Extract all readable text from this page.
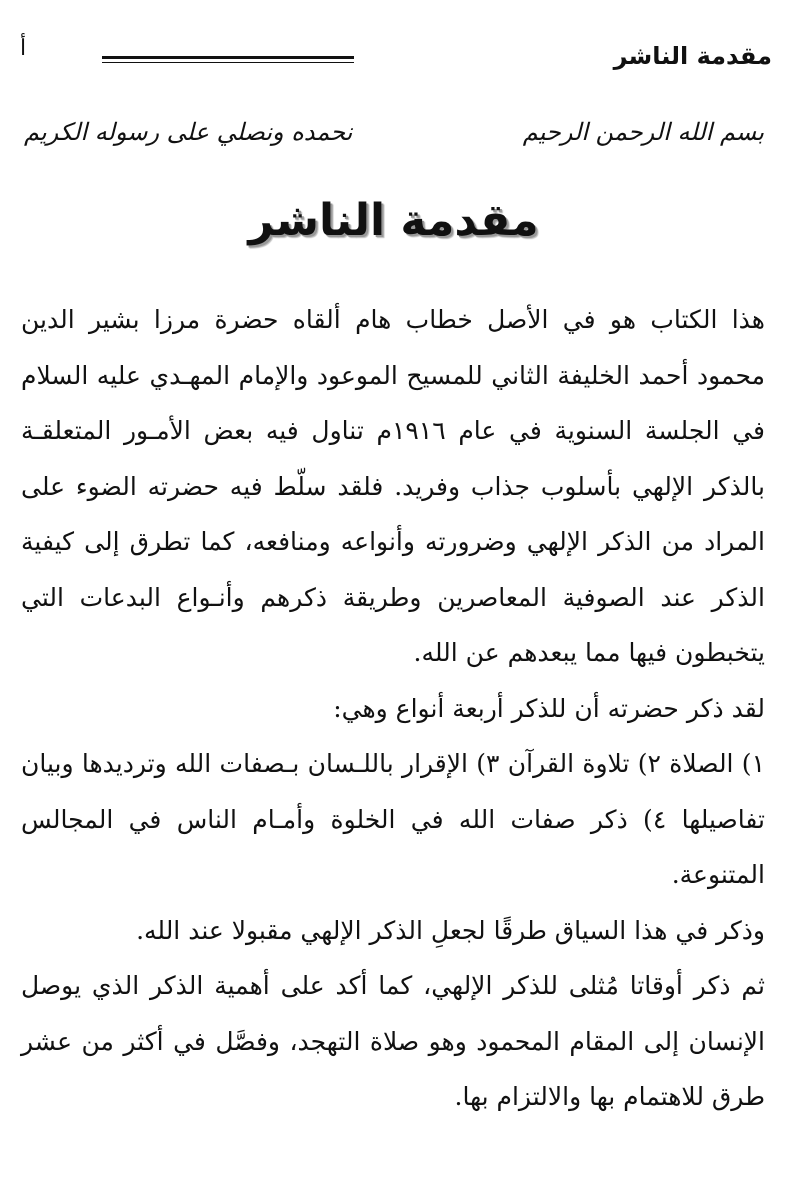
مقدمة الناشر
أ
بسم الله الرحمن الرحيم
نحمده ونصلي على رسوله الكريم
مقدمة الناشر

هذا الكتاب هو في الأصل خطاب هام ألقاه حضرة مرزا بشير الدين محمود أحمد الخليفة الثاني للمسيح الموعود والإمام المهـدي عليه السلام في الجلسة السنوية في عام ١٩١٦م تناول فيه بعض الأمـور المتعلقـة بالذكر الإلهي بأسلوب جذاب وفريد. فلقد سلّط فيه حضرته الضوء على المراد من الذكر الإلهي وضرورته وأنواعه ومنافعه، كما تطرق إلى كيفية الذكر عند الصوفية المعاصرين وطريقة ذكرهم وأنـواع البدعات التي يتخبطون فيها مما يبعدهم عن الله.

لقد ذكر حضرته أن للذكر أربعة أنواع وهي:

١) الصلاة ٢) تلاوة القرآن ٣) الإقرار باللـسان بـصفات الله وترديدها وبيان تفاصيلها ٤) ذكر صفات الله في الخلوة وأمـام الناس في المجالس المتنوعة.

وذكر في هذا السياق طرقًا لجعلِ الذكر الإلهي مقبولا عند الله.

ثم ذكر أوقاتا مُثلى للذكر الإلهي، كما أكد على أهمية الذكر الذي يوصل الإنسان إلى المقام المحمود وهو صلاة التهجد، وفصَّل في أكثر من عشر طرق للاهتمام بها والالتزام بها.
